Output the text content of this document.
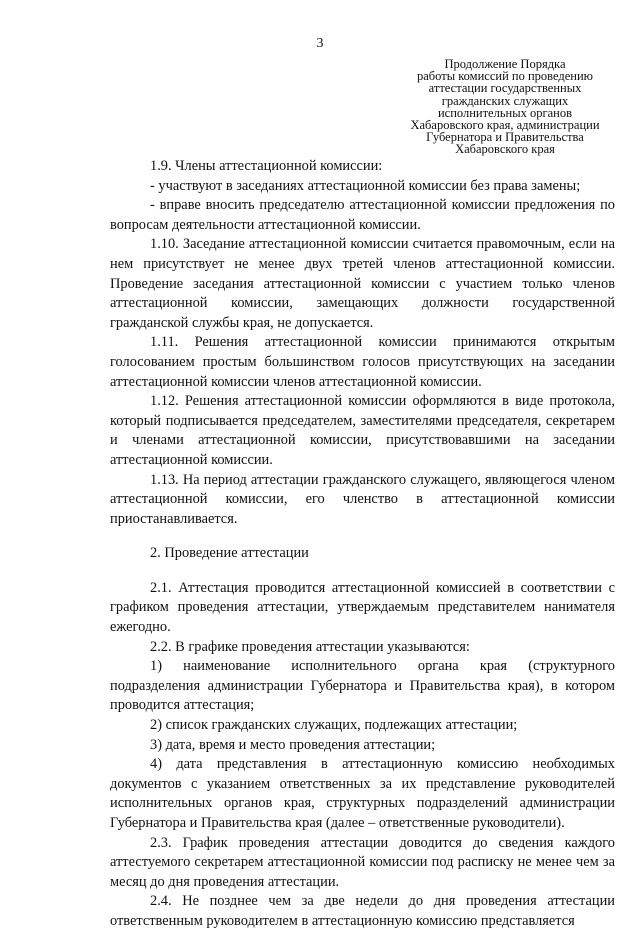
3
Продолжение Порядка
работы комиссий по проведению
аттестации государственных
гражданских служащих
исполнительных органов
Хабаровского края, администрации
Губернатора и Правительства
Хабаровского края

1.9. Члены аттестационной комиссии:

- участвуют в заседаниях аттестационной комиссии без права замены;

- вправе вносить председателю аттестационной комиссии предложения по вопросам деятельности аттестационной комиссии.

1.10. Заседание аттестационной комиссии считается правомочным, если на нем присутствует не менее двух третей членов аттестационной комиссии. Проведение заседания аттестационной комиссии с участием только членов аттестационной комиссии, замещающих должности государственной гражданской службы края, не допускается.

1.11. Решения аттестационной комиссии принимаются открытым голосованием простым большинством голосов присутствующих на заседании аттестационной комиссии членов аттестационной комиссии.

1.12. Решения аттестационной комиссии оформляются в виде протокола, который подписывается председателем, заместителями председателя, секретарем и членами аттестационной комиссии, присутствовавшими на заседании аттестационной комиссии.

1.13. На период аттестации гражданского служащего, являющегося членом аттестационной комиссии, его членство в аттестационной комиссии приостанавливается.

2. Проведение аттестации

2.1. Аттестация проводится аттестационной комиссией в соответствии с графиком проведения аттестации, утверждаемым представителем нанимателя ежегодно.

2.2. В графике проведения аттестации указываются:

1) наименование исполнительного органа края (структурного подразделения администрации Губернатора и Правительства края), в котором проводится аттестация;

2) список гражданских служащих, подлежащих аттестации;

3) дата, время и место проведения аттестации;

4) дата представления в аттестационную комиссию необходимых документов с указанием ответственных за их представление руководителей исполнительных органов края, структурных подразделений администрации Губернатора и Правительства края (далее – ответственные руководители).

2.3. График проведения аттестации доводится до сведения каждого аттестуемого секретарем аттестационной комиссии под расписку не менее чем за месяц до дня проведения аттестации.

2.4. Не позднее чем за две недели до дня проведения аттестации ответственным руководителем в аттестационную комиссию представляется
